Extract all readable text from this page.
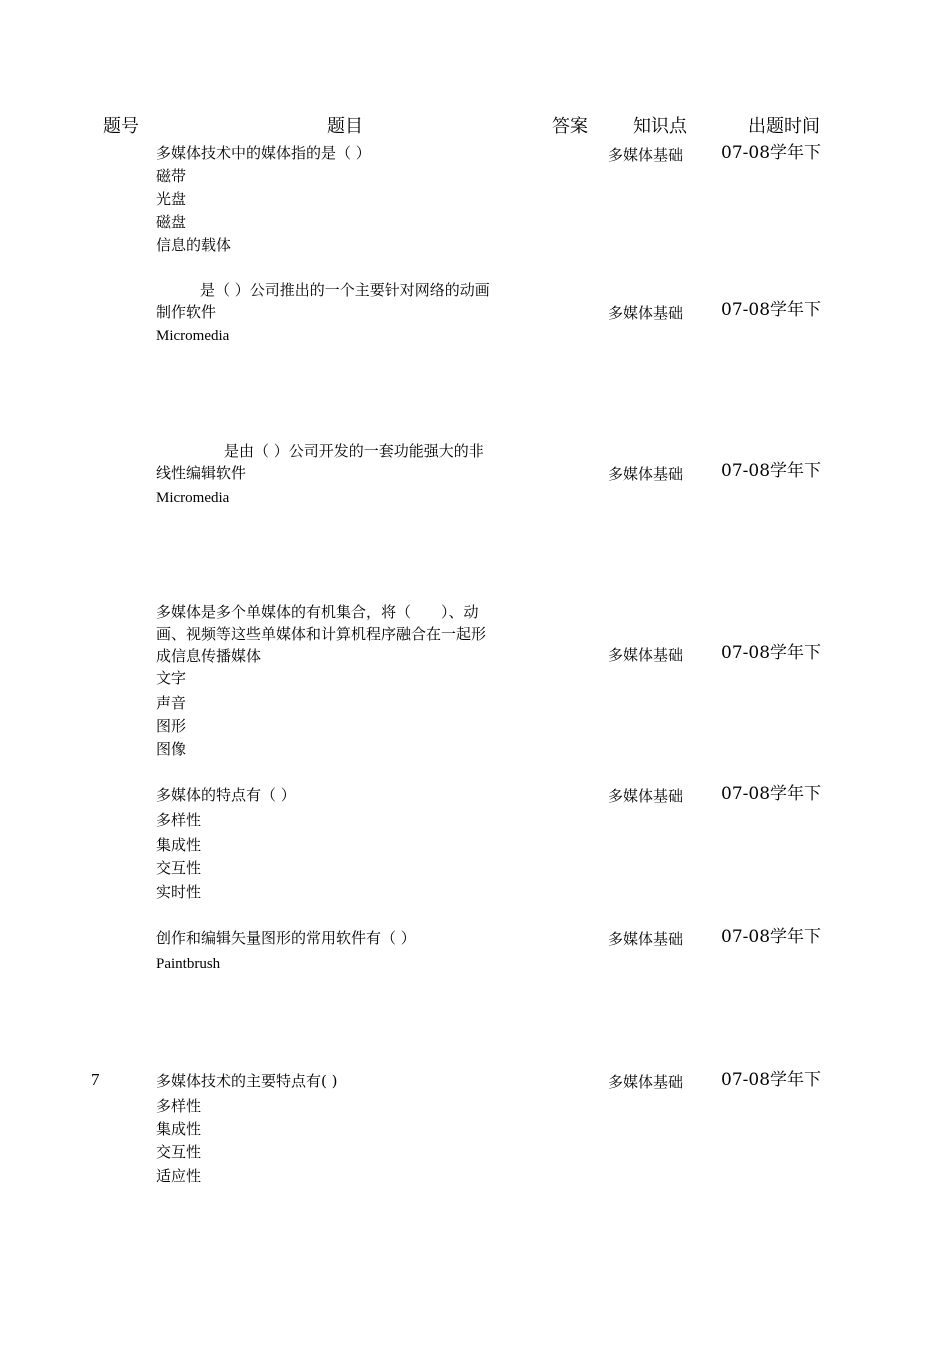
题号	题目	答案	知识点	出题时间
多媒体技术中的媒体指的是（ ）
磁带
光盘
磁盘
信息的载体
多媒体基础 07-08学年下
是（ ）公司推出的一个主要针对网络的动画
制作软件
Micromedia
多媒体基础 07-08学年下
是由（ ）公司开发的一套功能强大的非
线性编辑软件
Micromedia
多媒体基础 07-08学年下
多媒体是多个单媒体的有机集合，将（　　）、动
画、视频等这些单媒体和计算机程序融合在一起形
成信息传播媒体
文字
声音
图形
图像
多媒体基础 07-08学年下
多媒体的特点有（ ）
多样性
集成性
交互性
实时性
多媒体基础 07-08学年下
创作和编辑矢量图形的常用软件有（ ）
Paintbrush
多媒体基础 07-08学年下
7	多媒体技术的主要特点有( )
多样性
集成性
交互性
适应性
多媒体基础 07-08学年下
